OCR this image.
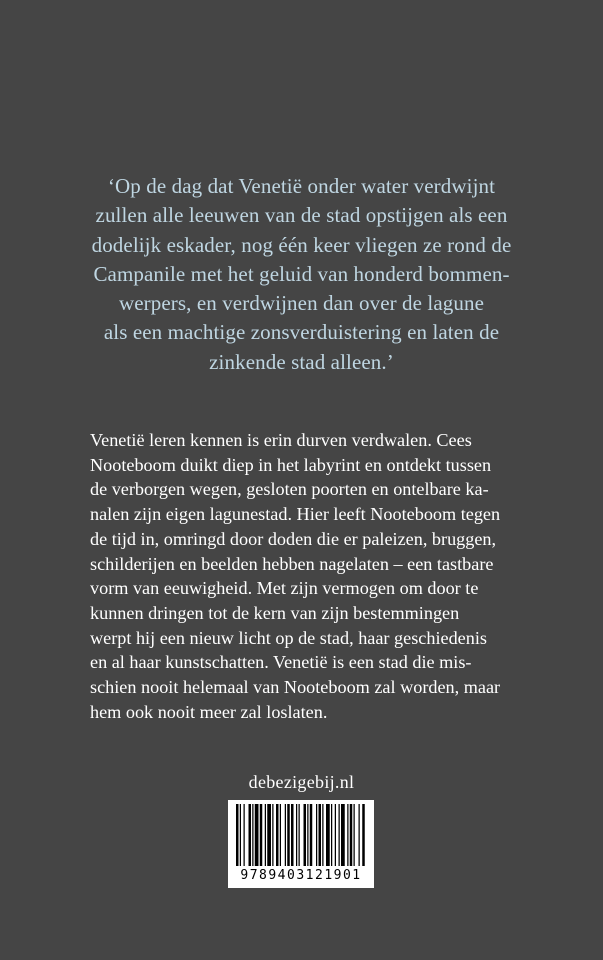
‘Op de dag dat Venetië onder water verdwijnt
zullen alle leeuwen van de stad opstijgen als een
dodelijk eskader, nog één keer vliegen ze rond de
Campanile met het geluid van honderd bommen-
werpers, en verdwijnen dan over de lagune
als een machtige zonsverduistering en laten de
zinkende stad alleen.’
Venetië leren kennen is erin durven verdwalen. Cees
Nooteboom duikt diep in het labyrint en ontdekt tussen
de verborgen wegen, gesloten poorten en ontelbare ka-
nalen zijn eigen lagunestad. Hier leeft Nooteboom tegen
de tijd in, omringd door doden die er paleizen, bruggen,
schilderijen en beelden hebben nagelaten – een tastbare
vorm van eeuwigheid. Met zijn vermogen om door te
kunnen dringen tot de kern van zijn bestemmingen
werpt hij een nieuw licht op de stad, haar geschiedenis
en al haar kunstschatten. Venetië is een stad die mis-
schien nooit helemaal van Nooteboom zal worden, maar
hem ook nooit meer zal loslaten.
debezigebij.nl
9789403121901
